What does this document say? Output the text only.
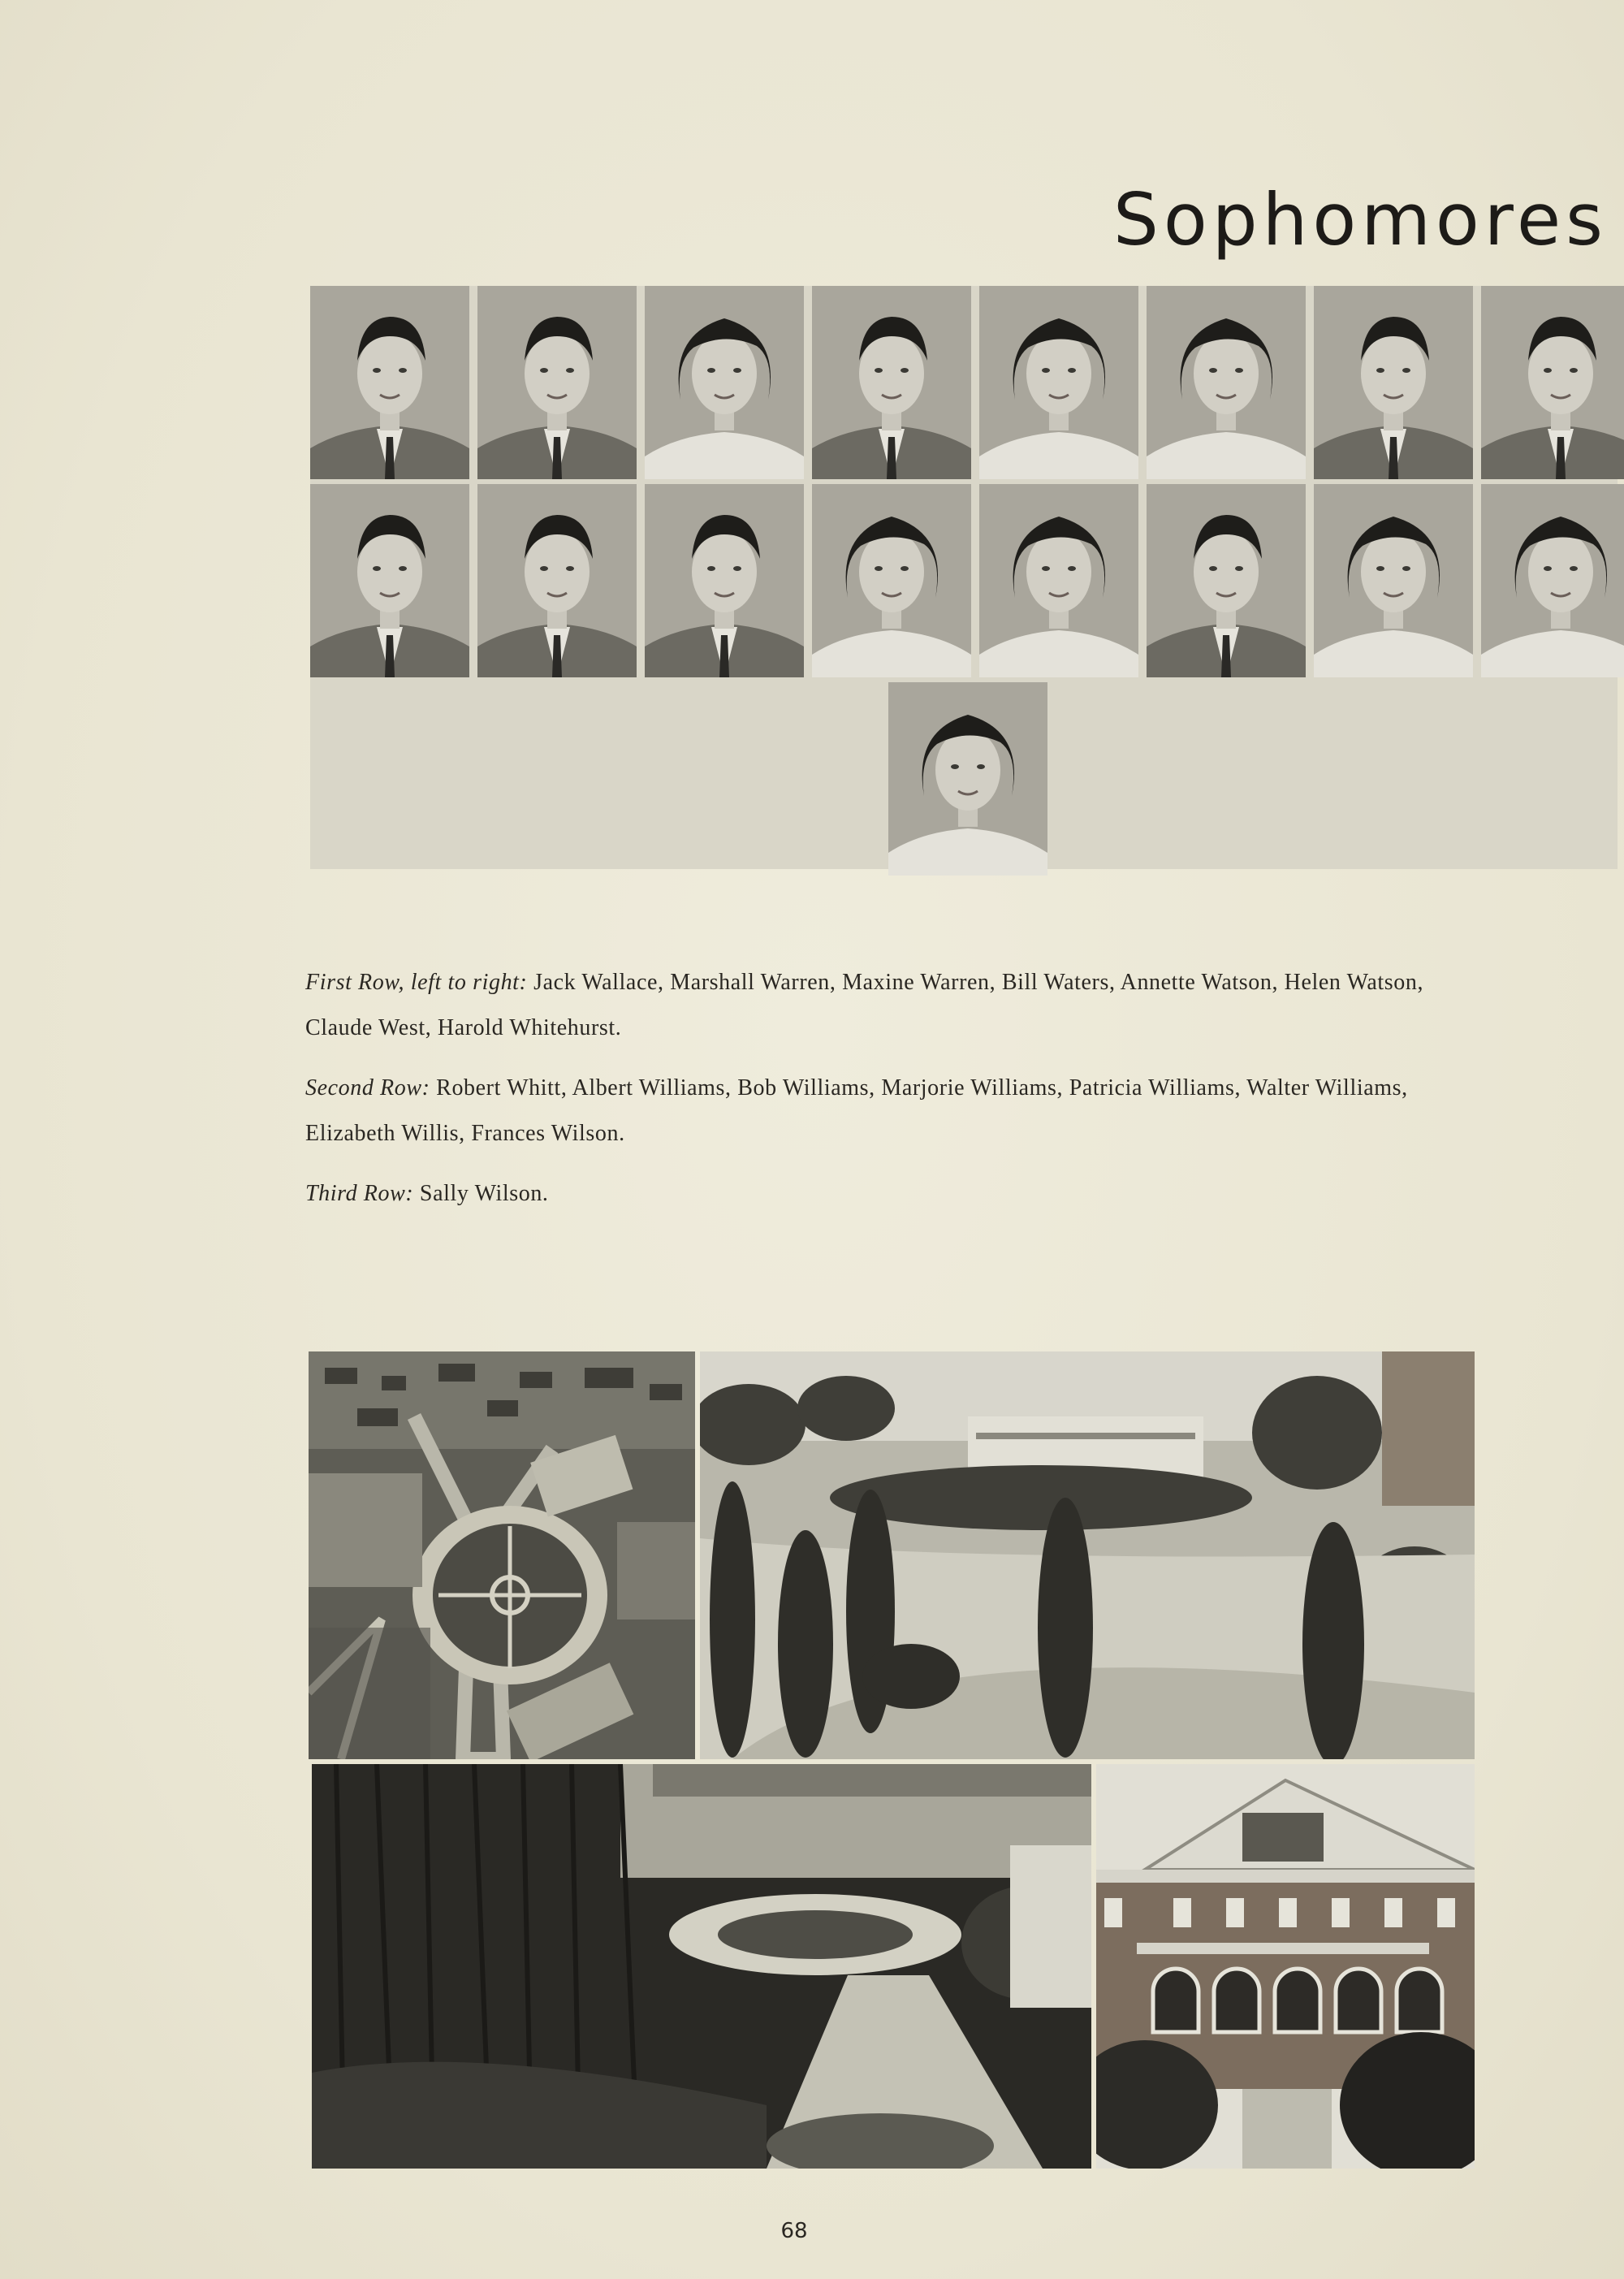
Sophomores

First Row, left to right: Jack Wallace, Marshall Warren, Maxine Warren, Bill Waters, Annette Watson, Helen Watson, Claude West, Harold Whitehurst.

Second Row: Robert Whitt, Albert Williams, Bob Williams, Marjorie Williams, Patricia Williams, Walter Williams, Elizabeth Willis, Frances Wilson.

Third Row: Sally Wilson.

68
